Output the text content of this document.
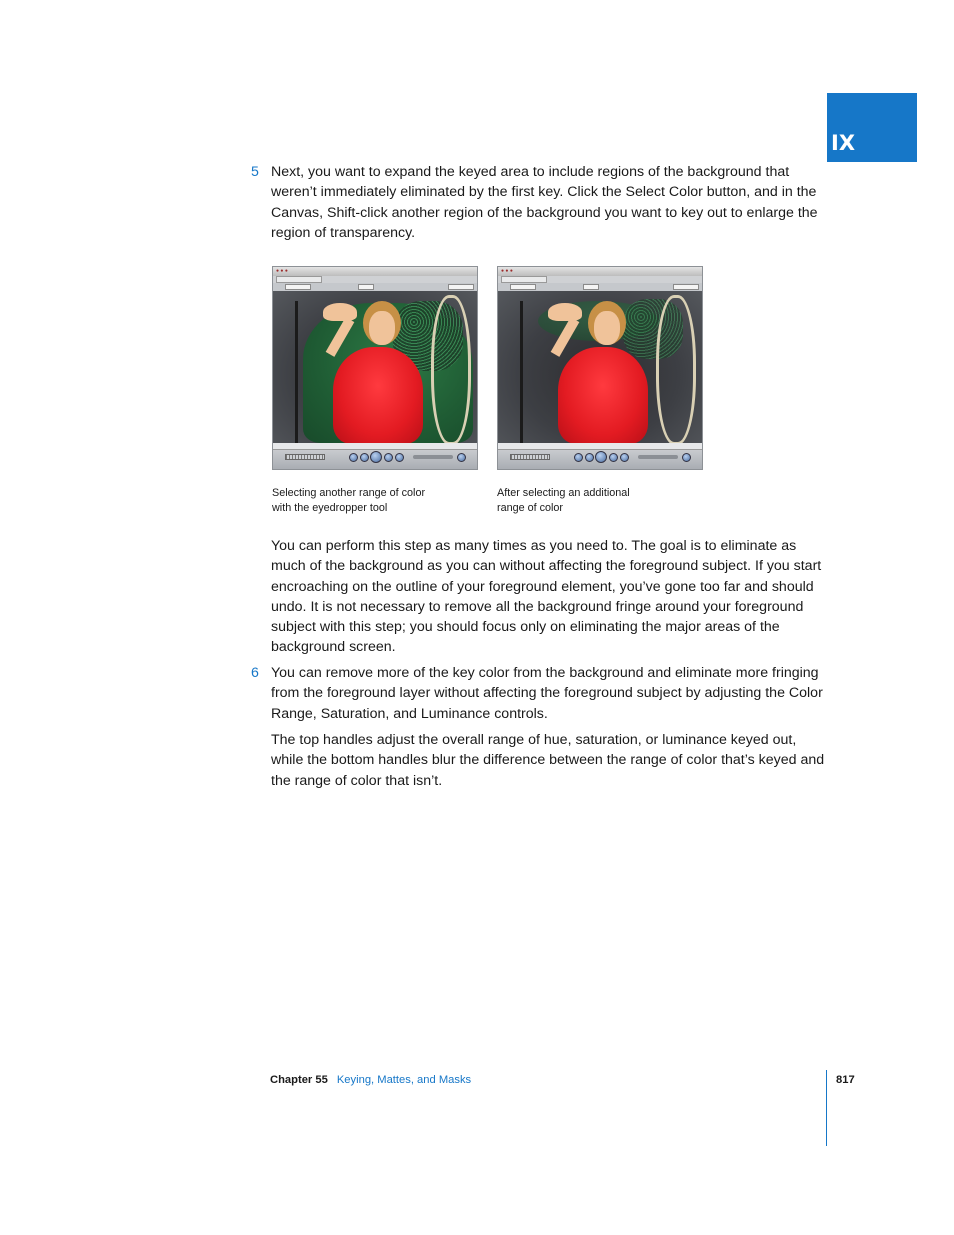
IX
5 Next, you want to expand the keyed area to include regions of the background that weren’t immediately eliminated by the first key. Click the Select Color button, and in the Canvas, Shift-click another region of the background you want to key out to enlarge the region of transparency.
● ● ●	● ● ●
Selecting another range of color
with the eyedropper tool
After selecting an additional
range of color
You can perform this step as many times as you need to. The goal is to eliminate as much of the background as you can without affecting the foreground subject. If you start encroaching on the outline of your foreground element, you’ve gone too far and should undo. It is not necessary to remove all the background fringe around your foreground subject with this step; you should focus only on eliminating the major areas of the background screen.
6 You can remove more of the key color from the background and eliminate more fringing from the foreground layer without affecting the foreground subject by adjusting the Color Range, Saturation, and Luminance controls.
The top handles adjust the overall range of hue, saturation, or luminance keyed out, while the bottom handles blur the difference between the range of color that’s keyed and the range of color that isn’t.
Chapter 55 Keying, Mattes, and Masks	817
